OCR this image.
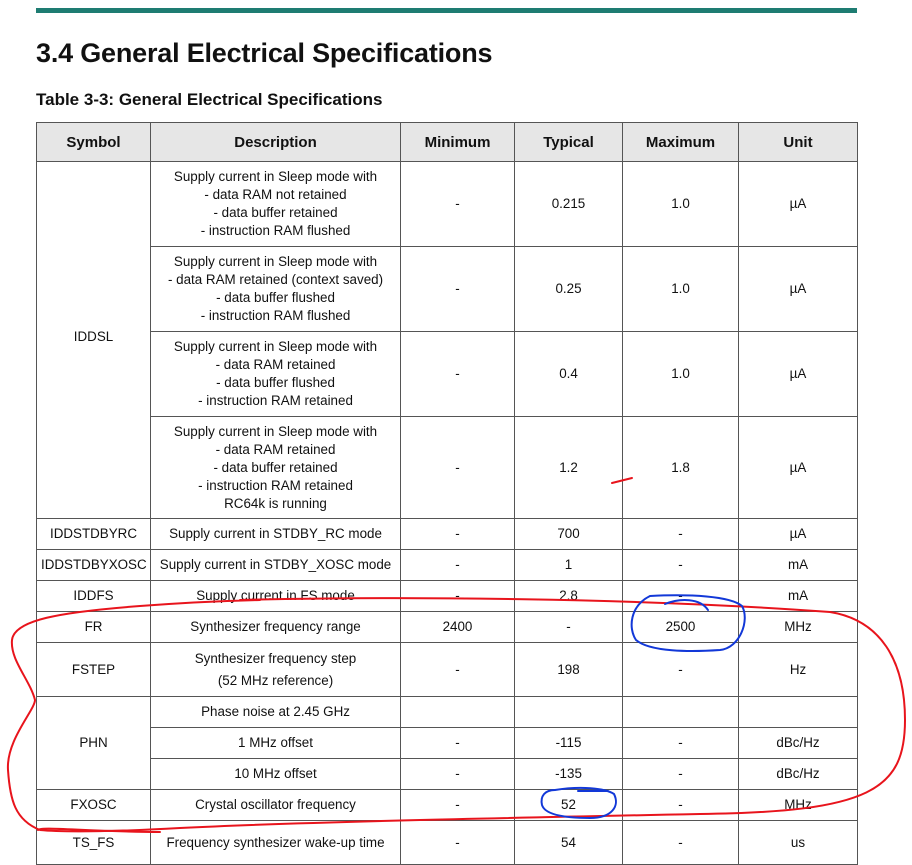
3.4 General Electrical Specifications
Table 3-3: General Electrical Specifications
Symbol	Description	Minimum	Typical	Maximum	Unit
IDDSL	Supply current in Sleep mode with
- data RAM not retained
- data buffer retained
- instruction RAM flushed	-	0.215	1.0	µA

	Supply current in Sleep mode with
- data RAM retained (context saved)
- data buffer flushed
- instruction RAM flushed	-	0.25	1.0	µA

	Supply current in Sleep mode with
- data RAM retained
- data buffer flushed
- instruction RAM retained	-	0.4	1.0	µA

	Supply current in Sleep mode with
- data RAM retained
- data buffer retained
- instruction RAM retained
RC64k is running	-	1.2	1.8	µA
IDDSTDBYRC	Supply current in STDBY_RC mode	-	700	-	µA
IDDSTDBYXOSC	Supply current in STDBY_XOSC mode	-	1	-	mA
IDDFS	Supply current in FS mode	-	2.8	-	mA
FR	Synthesizer frequency range	2400	-	2500	MHz
FSTEP	Synthesizer frequency step
(52 MHz reference)	-	198	-	Hz
PHN	Phase noise at 2.45 GHz				
	1 MHz offset	-	-115	-	dBc/Hz
	10 MHz offset	-	-135	-	dBc/Hz
FXOSC	Crystal oscillator frequency	-	52	-	MHz
TS_FS	Frequency synthesizer wake-up time	-	54	-	us
